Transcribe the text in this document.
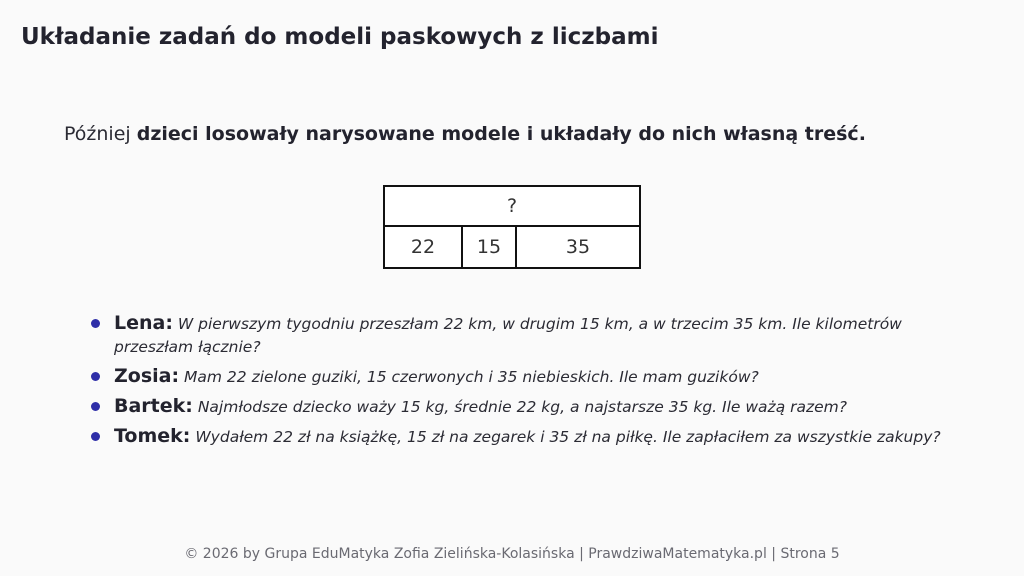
Układanie zadań do modeli paskowych z liczbami
Później dzieci losowały narysowane modele i układały do nich własną treść.
?
22	15	35
Lena: W pierwszym tygodniu przeszłam 22 km, w drugim 15 km, a w trzecim 35 km. Ile kilometrów przeszłam łącznie?
Zosia: Mam 22 zielone guziki, 15 czerwonych i 35 niebieskich. Ile mam guzików?
Bartek: Najmłodsze dziecko waży 15 kg, średnie 22 kg, a najstarsze 35 kg. Ile ważą razem?
Tomek: Wydałem 22 zł na książkę, 15 zł na zegarek i 35 zł na piłkę. Ile zapłaciłem za wszystkie zakupy?
© 2026 by Grupa EduMatyka Zofia Zielińska-Kolasińska | PrawdziwaMatematyka.pl | Strona 5
